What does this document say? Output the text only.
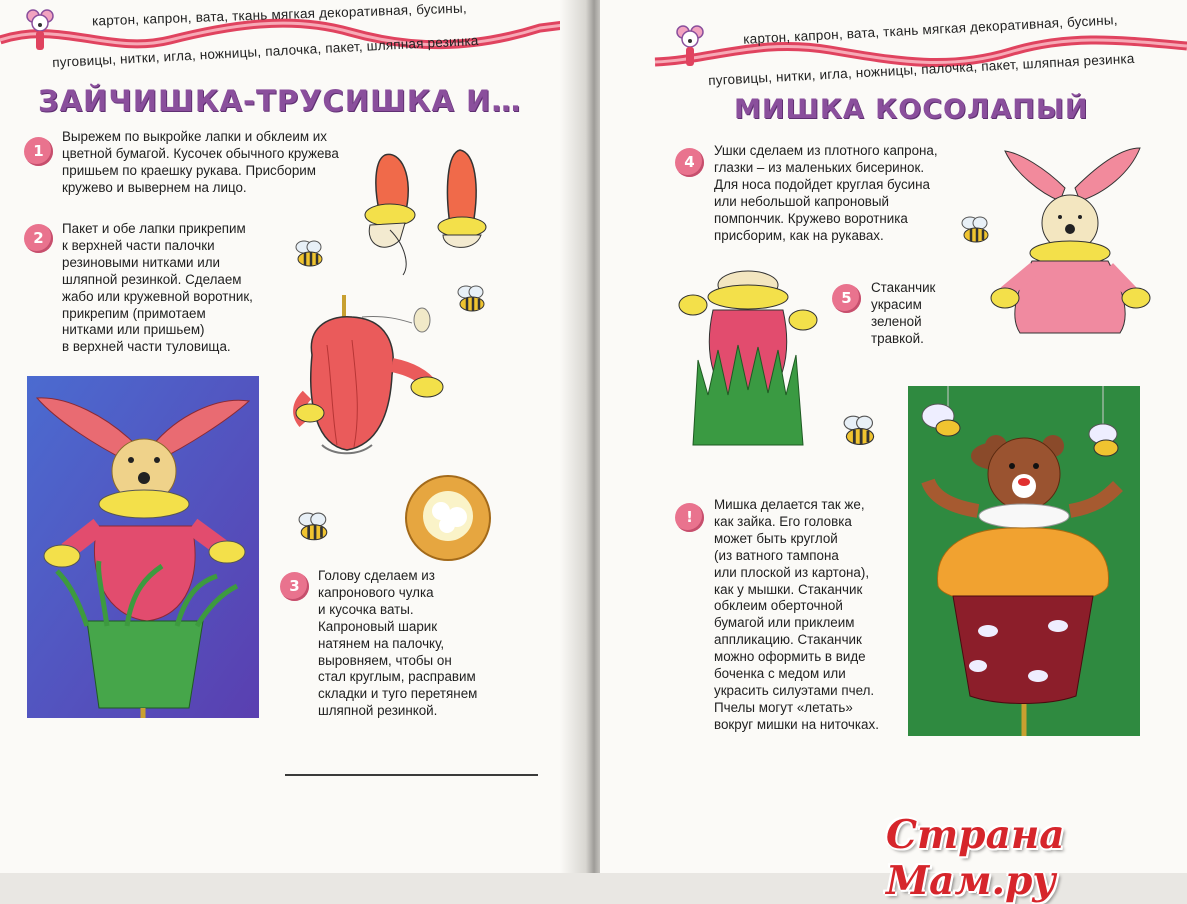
картон, капрон, вата, ткань мягкая декоративная, бусины,
пуговицы, нитки, игла, ножницы, палочка, пакет, шляпная резинка
ЗАЙЧИШКА-ТРУСИШКА И…
1

Вырежем по выкройке лапки и обклеим их
цветной бумагой. Кусочек обычного кружева
пришьем по краешку рукава. Присборим
кружево и вывернем на лицо.

2

Пакет и обе лапки прикрепим
к верхней части палочки
резиновыми нитками или
шляпной резинкой. Сделаем
жабо или кружевной воротник,
прикрепим (примотаем
нитками или пришьем)
в верхней части туловища.

3

Голову сделаем из
капронового чулка
и кусочка ваты.
Капроновый шарик
натянем на палочку,
выровняем, чтобы он
стал круглым, расправим
складки и туго перетянем
шляпной резинкой.

картон, капрон, вата, ткань мягкая декоративная, бусины,
пуговицы, нитки, игла, ножницы, палочка, пакет, шляпная резинка
МИШКА КОСОЛАПЫЙ
4

Ушки сделаем из плотного капрона,
глазки – из маленьких бисеринок.
Для носа подойдет круглая бусина
или небольшой капроновый
помпончик. Кружево воротника
присборим, как на рукавах.

5

Стаканчик
украсим
зеленой
травкой.

!

Мишка делается так же,
как зайка. Его головка
может быть круглой
(из ватного тампона
или плоской из картона),
как у мышки. Стаканчик
обклеим оберточной
бумагой или приклеим
аппликацию. Стаканчик
можно оформить в виде
боченка с медом или
украсить силуэтами пчел.
Пчелы могут «летать»
вокруг мишки на ниточках.

Страна Мам.ру
